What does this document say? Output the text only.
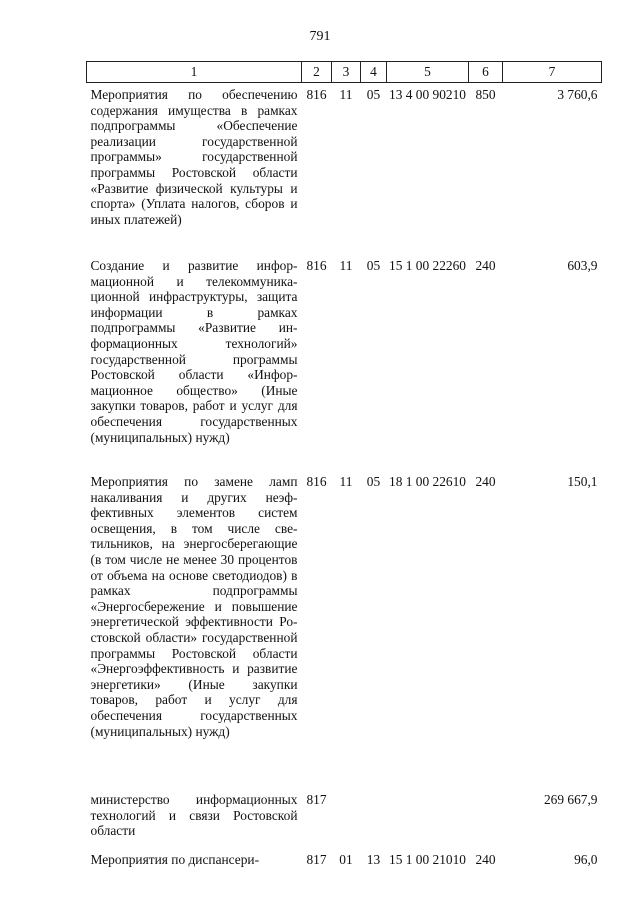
791
1	2	3	4	5	6	7
Мероприятия по обеспечению содержания имущества в рамках подпрограммы «Обеспечение реализации государственной программы» государственной программы Ростовской области «Развитие физической культуры и спорта» (Уплата налогов, сборов и иных платежей)	816	11	05	13 4 00 90210	850	3 760,6
Создание и развитие информационной и телекоммуникационной инфраструктуры, защита информации в рамках подпрограммы «Развитие информационных технологий» государственной программы Ростовской области «Информационное общество» (Иные закупки товаров, работ и услуг для обеспечения государственных (муниципальных) нужд)	816	11	05	15 1 00 22260	240	603,9
Мероприятия по замене ламп накаливания и других неэффективных элементов систем освещения, в том числе светильников, на энергосберегающие (в том числе не менее 30 процентов от объема на основе светодиодов) в рамках подпрограммы «Энергосбережение и повышение энергетической эффективности Ростовской области» государственной программы Ростовской области «Энергоэффективность и развитие энергетики» (Иные закупки товаров, работ и услуг для обеспечения государственных (муниципальных) нужд)	816	11	05	18 1 00 22610	240	150,1
министерство информационных технологий и связи Ростовской области	817					269 667,9
Мероприятия по диспансери-	817	01	13	15 1 00 21010	240	96,0
